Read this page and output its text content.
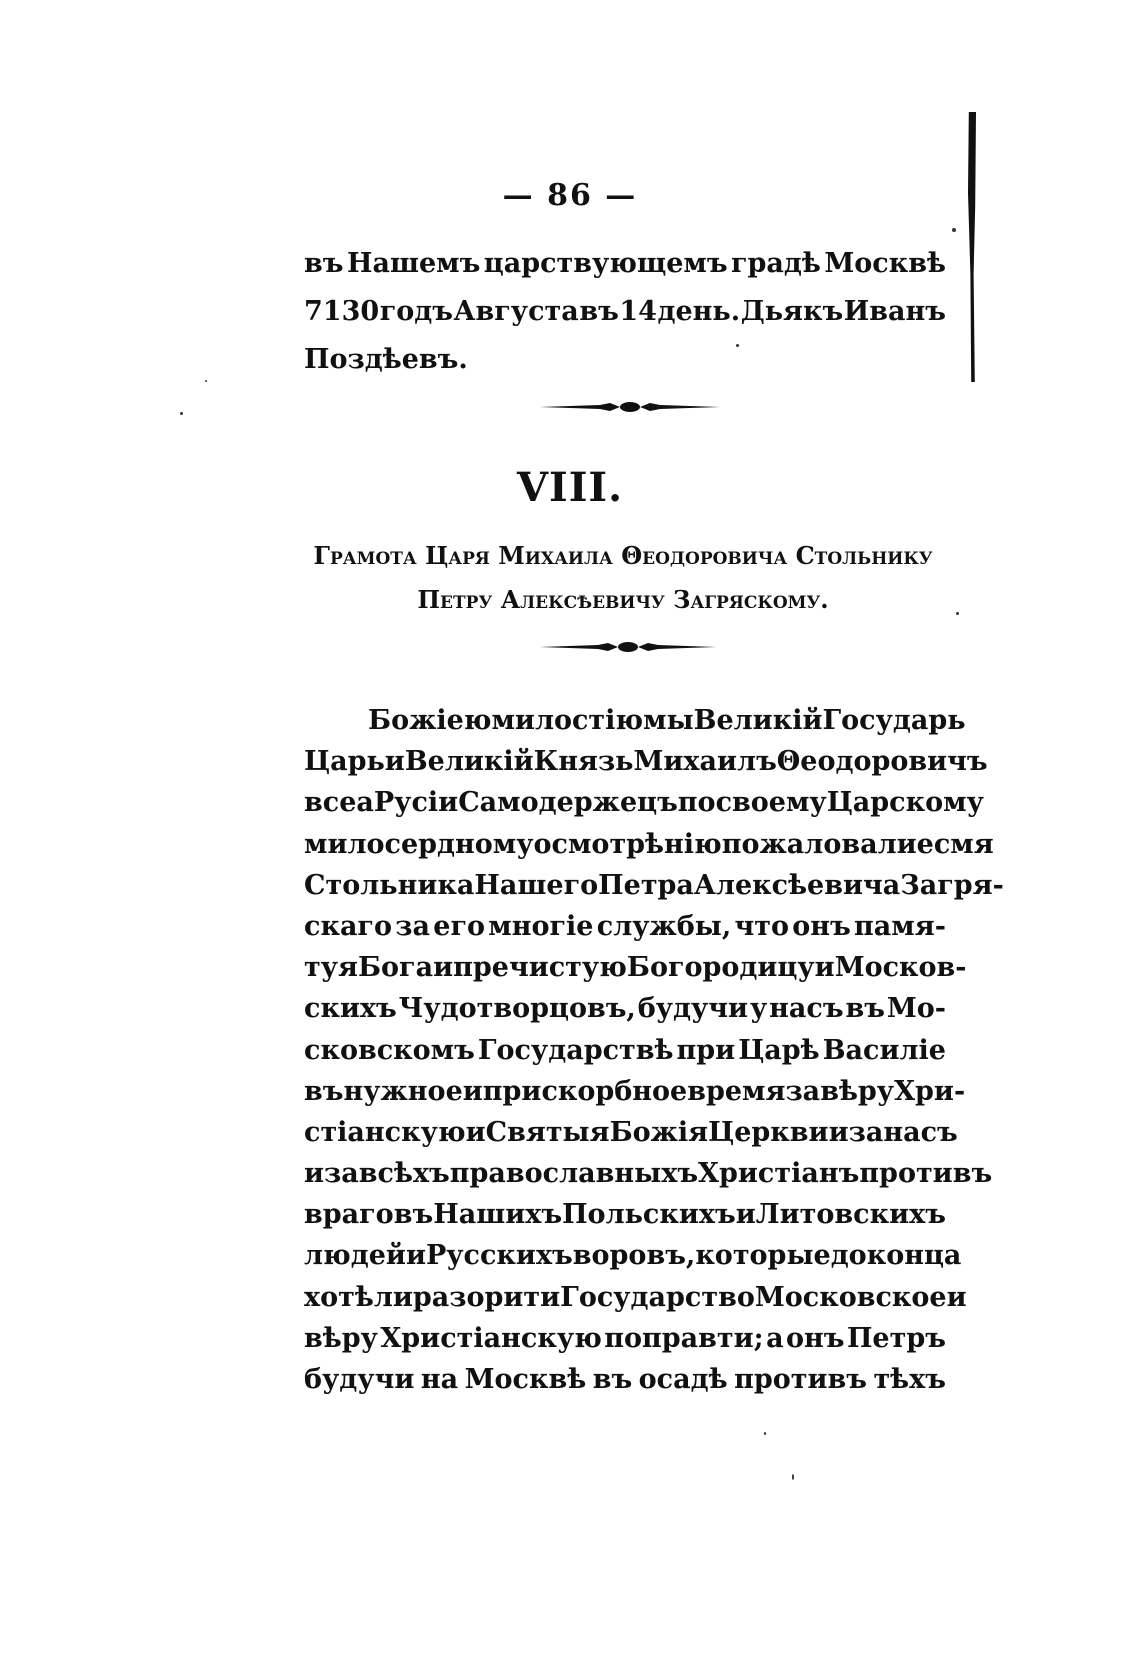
— 86 —
въ Нашемъ царствующемъ градѣ Москвѣ
7130 годъ Августа въ 14 день. Дьякъ Иванъ
Поздѣевъ.
VIII.
Грамота Царя Михаила Θеодоровича Стольнику
Петру Алексѣевичу Загряскому.
Божіею милостію мы Великій Государь
Царь и Великій Князь Михаилъ Θеодоровичъ
всеа Русіи Самодержецъ по своему Царскому
милосердному осмотрѣнію пожаловали есмя
Стольника Нашего Петра Алексѣевича Загря-
скаго за его многіе службы, что онъ памя-
туя Бога и пречистую Богородицу и Москов-
скихъ Чудотворцовъ, будучи у насъ въ Мо-
сковскомъ Государствѣ при Царѣ Василіе
въ нужное и прискорбное время за вѣру Хри-
стіанскую и Святыя Божія Церкви и за насъ
и за всѣхъ православныхъ Христіанъ противъ
враговъ Нашихъ Польскихъ и Литовскихъ
людей и Русскихъ воровъ, которые до конца
хотѣли разорити Государство Московское и
вѣру Христіанскую поправти; а онъ Петръ
будучи на Москвѣ въ осадѣ противъ тѣхъ
